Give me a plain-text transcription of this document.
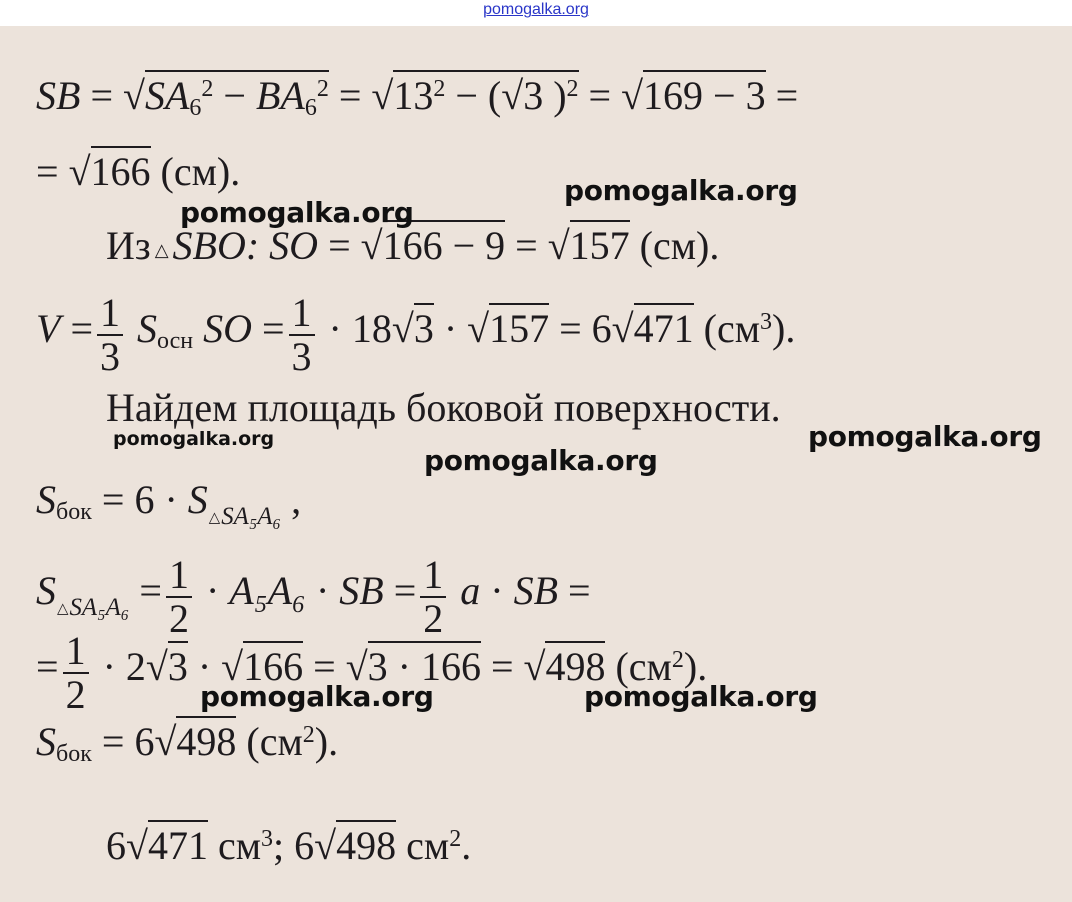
pomogalka.org
SB = $√SA_6^2 - BA_6^2 = √13^2 - (√3$ )$^2$ = √169 − 3 =
= √166 (см).
Из △ SBO: SO = √166 − 9 = √157 (см).
$V = \frac{1}{3} S_{осн}$ SO = $\frac{1}{3} \cdot 18√3 \cdot √157 = 6√471$ $(см^3)$.
Найдем площадь боковой поверхности.
$S_{бок} = 6 \cdot S_{\triangle SA_5A_6}$ ,
$S_{\triangle SA_5A_6} = \frac{1}{2} \cdot A_5A_6$ · SB = $\frac{1}{2}$ a · SB =
= $\frac{1}{2} \cdot 2√3 \cdot √166 = √3 \cdot 166 = √498$ $(см^2)$.
$S_{бок} = 6√498$ $(см^2)$.
6√471 $см^3$; 6√498 $см^2$.
pomogalka.org
pomogalka.org
pomogalka.org	pomogalka.org
pomogalka.org
pomogalka.org	pomogalka.org
